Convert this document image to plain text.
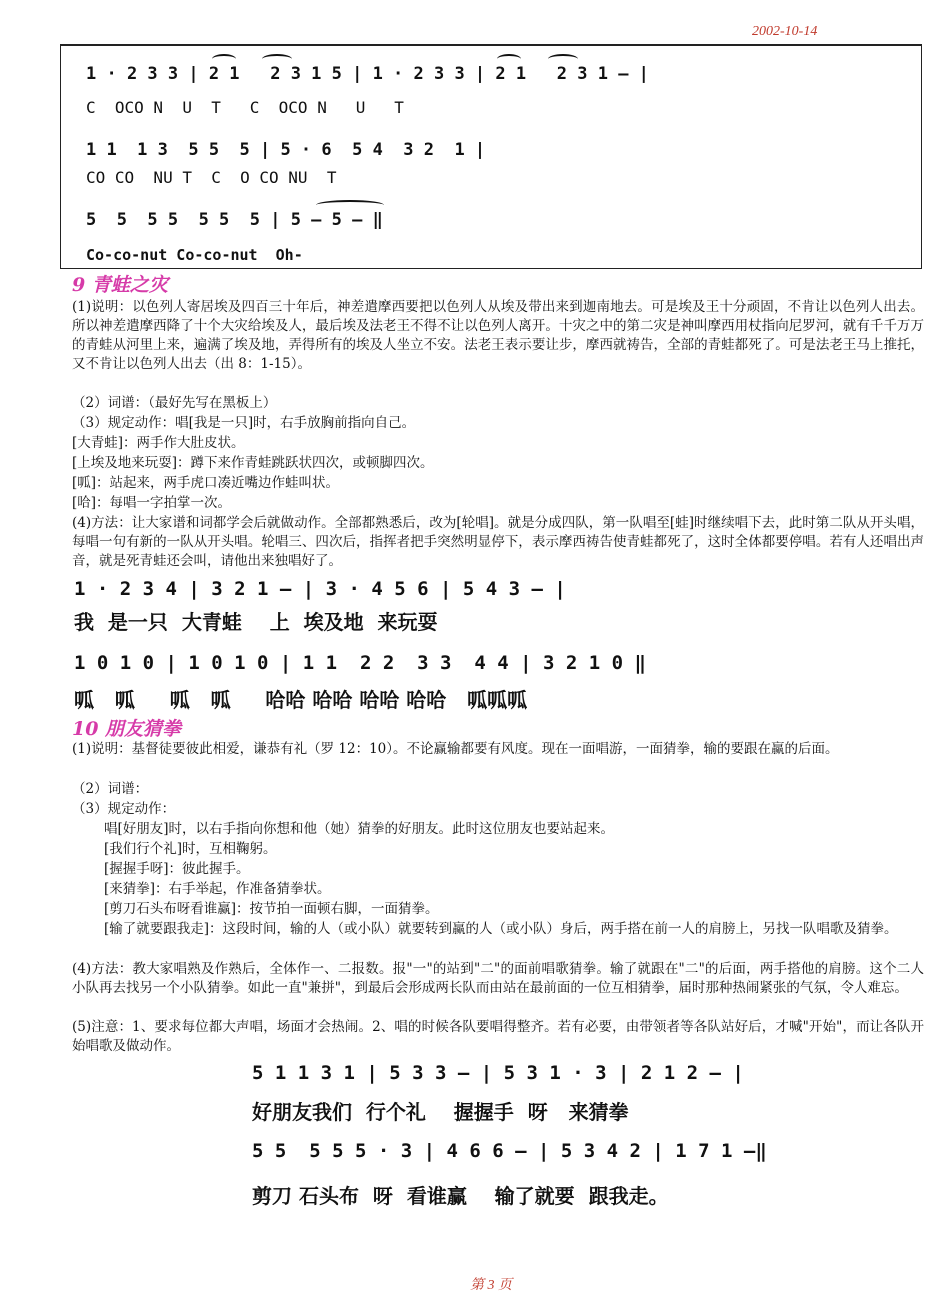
2002-10-14
1 · 2 3 3 | 2 1   2 3 1 5 | 1 · 2 3 3 | 2 1   2 3 1 — |
C  OCO N  U  T   C  OCO N   U   T
1 1  1 3  5 5  5 | 5 · 6  5 4  3 2  1 |
CO CO  NU T  C  O CO NU  T
5  5  5 5  5 5  5 | 5 — 5 — ‖
Co-co-nut Co-co-nut  Oh-
9 青蛙之灾
(1)说明：以色列人寄居埃及四百三十年后，神差遣摩西要把以色列人从埃及带出来到迦南地去。可是埃及王十分顽固，不肯让以色列人出去。所以神差遣摩西降了十个大灾给埃及人，最后埃及法老王不得不让以色列人离开。十灾之中的第二灾是神叫摩西用杖指向尼罗河，就有千千万万的青蛙从河里上来，遍满了埃及地，弄得所有的埃及人坐立不安。法老王表示要让步，摩西就祷告，全部的青蛙都死了。可是法老王马上推托，又不肯让以色列人出去（出 8：1-15）。
（2）词谱：（最好先写在黑板上）
（3）规定动作：唱[我是一只]时，右手放胸前指向自己。
[大青蛙]：两手作大肚皮状。
[上埃及地来玩耍]：蹲下来作青蛙跳跃状四次，或顿脚四次。
[呱]：站起来，两手虎口凑近嘴边作蛙叫状。
[哈]：每唱一字拍掌一次。
(4)方法：让大家谱和词都学会后就做动作。全部都熟悉后，改为[轮唱]。就是分成四队，第一队唱至[蛙]时继续唱下去，此时第二队从开头唱，每唱一句有新的一队从开头唱。轮唱三、四次后，指挥者把手突然明显停下，表示摩西祷告使青蛙都死了，这时全体都要停唱。若有人还唱出声音，就是死青蛙还会叫，请他出来独唱好了。
1 · 2 3 4 | 3 2 1 — | 3 · 4 5 6 | 5 4 3 — |
我  是一只  大青蛙    上  埃及地  来玩耍
1 0 1 0 | 1 0 1 0 | 1 1  2 2  3 3  4 4 | 3 2 1 0 ‖
呱   呱     呱   呱     哈哈 哈哈 哈哈 哈哈   呱呱呱
10 朋友猜拳
(1)说明：基督徒要彼此相爱，谦恭有礼（罗 12：10）。不论赢输都要有风度。现在一面唱游，一面猜拳，输的要跟在赢的后面。
（2）词谱：
（3）规定动作：
唱[好朋友]时，以右手指向你想和他（她）猜拳的好朋友。此时这位朋友也要站起来。
[我们行个礼]时，互相鞠躬。
[握握手呀]：彼此握手。
[来猜拳]：右手举起，作准备猜拳状。
[剪刀石头布呀看谁赢]：按节拍一面顿右脚，一面猜拳。
[输了就要跟我走]：这段时间，输的人（或小队）就要转到赢的人（或小队）身后，两手搭在前一人的肩膀上，另找一队唱歌及猜拳。
(4)方法：教大家唱熟及作熟后，全体作一、二报数。报"一"的站到"二"的面前唱歌猜拳。输了就跟在"二"的后面，两手搭他的肩膀。这个二人小队再去找另一个小队猜拳。如此一直"兼拼"，到最后会形成两长队而由站在最前面的一位互相猜拳，届时那种热闹紧张的气氛，令人难忘。
(5)注意：1、要求每位都大声唱，场面才会热闹。2、唱的时候各队要唱得整齐。若有必要，由带领者等各队站好后，才喊"开始"，而让各队开始唱歌及做动作。
5 1 1 3 1 | 5 3 3 — | 5 3 1 · 3 | 2 1 2 — |
好朋友我们  行个礼    握握手  呀   来猜拳
5 5  5 5 5 · 3 | 4 6 6 — | 5 3 4 2 | 1 7 1 —‖
剪刀 石头布  呀  看谁赢    输了就要  跟我走。
第 3 页
